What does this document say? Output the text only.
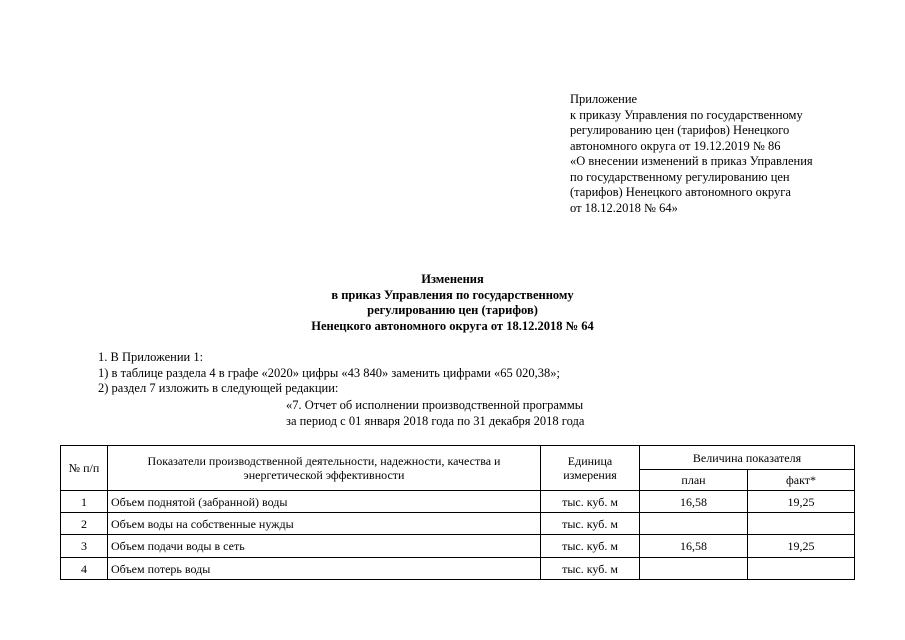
Приложение
к приказу Управления по государственному
регулированию цен (тарифов) Ненецкого
автономного округа от 19.12.2019 № 86
«О внесении изменений в приказ Управления
по государственному регулированию цен
(тарифов) Ненецкого автономного округа
от 18.12.2018 № 64»
Изменения
в приказ Управления по государственному
регулированию цен (тарифов)
Ненецкого автономного округа от 18.12.2018 № 64
1. В Приложении 1:
1) в таблице раздела 4 в графе «2020» цифры «43 840» заменить цифрами «65 020,38»;
2) раздел 7 изложить в следующей редакции:
«7. Отчет об исполнении производственной программы
за период с 01 января 2018 года по 31 декабря 2018 года
№ п/п	Показатели производственной деятельности, надежности, качества и энергетической эффективности	Единица измерения	Величина показателя	
			план	факт*
1	Объем поднятой (забранной) воды	тыс. куб. м	16,58	19,25
2	Объем воды на собственные нужды	тыс. куб. м		
3	Объем подачи воды в сеть	тыс. куб. м	16,58	19,25
4	Объем потерь воды	тыс. куб. м		
